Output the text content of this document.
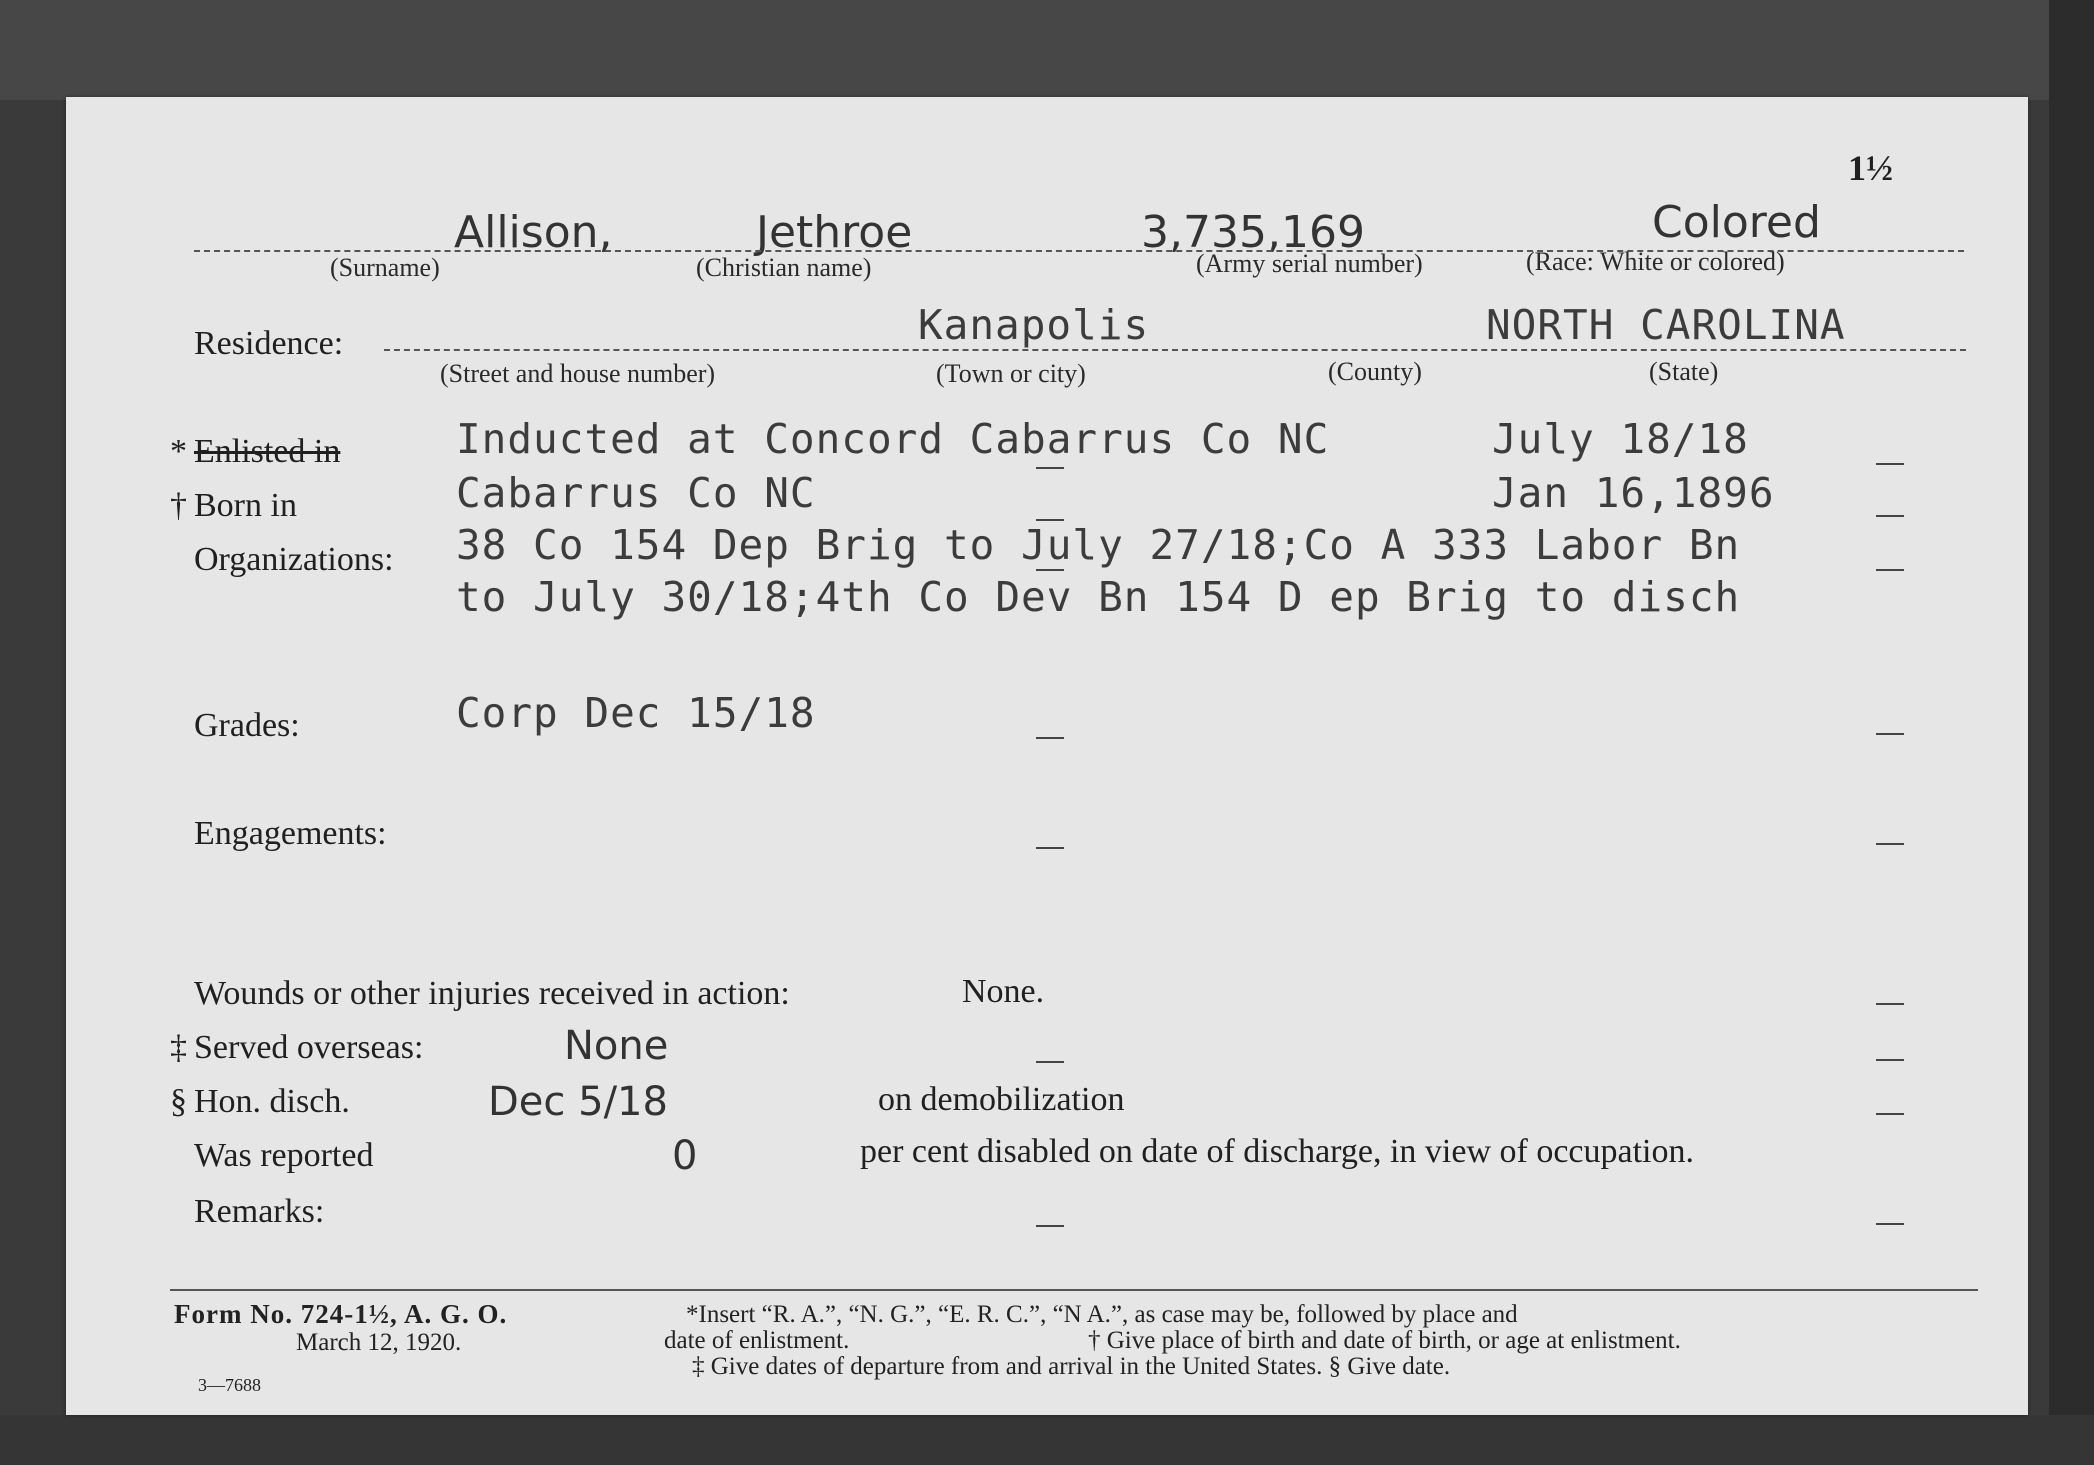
1½
Allison,	Jethroe	3,735,169	Colored
(Surname)	(Christian name)	(Army serial number)	(Race: White or colored)
Residence:	Kanapolis	NORTH CAROLINA
(Street and house number)	(Town or city)	(County)	(State)
* Enlisted in	Inducted at Concord Cabarrus Co NC	July 18/18
† Born in	Cabarrus Co NC	Jan 16,1896
Organizations: 38 Co 154 Dep Brig to July 27/18;Co A 333 Labor Bn
to July 30/18;4th Co Dev Bn 154 D ep Brig to disch
Grades:	Corp Dec 15/18
Engagements:
Wounds or other injuries received in action:	None.
‡ Served overseas:	None
§ Hon. disch.	Dec 5/18	on demobilization
Was reported	0	per cent disabled on date of discharge, in view of occupation.
Remarks:
Form No. 724-1½, A. G. O.
March 12, 1920.
3—7688
*Insert “R. A.”, “N. G.”, “E. R. C.”, “N A.”, as case may be, followed by place and
date of enlistment.	† Give place of birth and date of birth, or age at enlistment.
‡ Give dates of departure from and arrival in the United States. § Give date.
